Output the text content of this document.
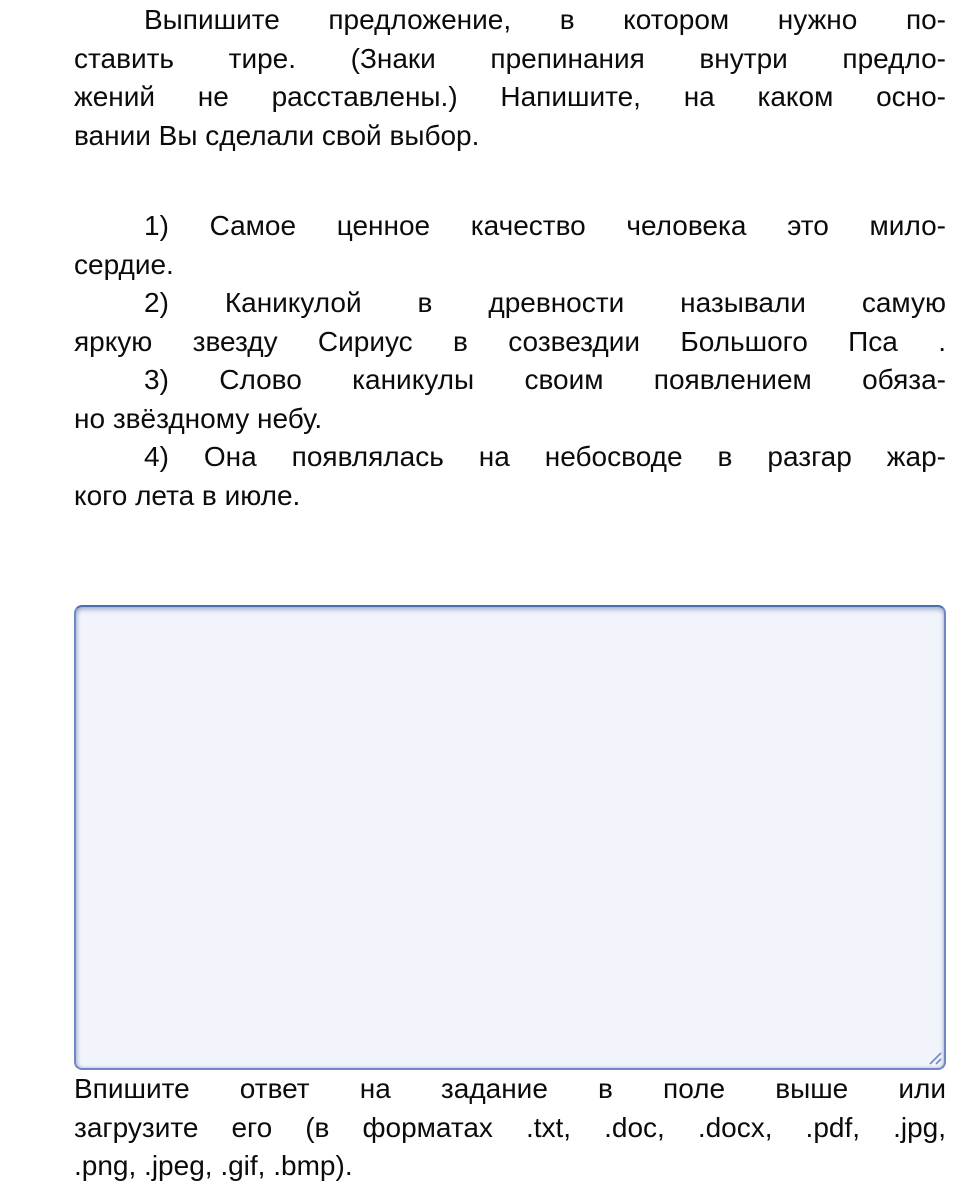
Выпишите предложение, в котором нужно по-
ставить тире. (Знаки препинания внутри предло-
жений не расставлены.) Напишите, на каком осно-
вании Вы сделали свой выбор.
1) Самое ценное качество человека это мило-
сердие.
2) Каникулой в древности называли самую
яркую звезду Сириус в созвездии Большого Пса .
3) Слово каникулы своим появлением обяза-
но звёздному небу.
4) Она появлялась на небосводе в разгар жар-
кого лета в июле.
Впишите ответ на задание в поле выше или
загрузите его (в форматах .txt, .doc, .docx, .pdf, .jpg,
.png, .jpeg, .gif, .bmp).
